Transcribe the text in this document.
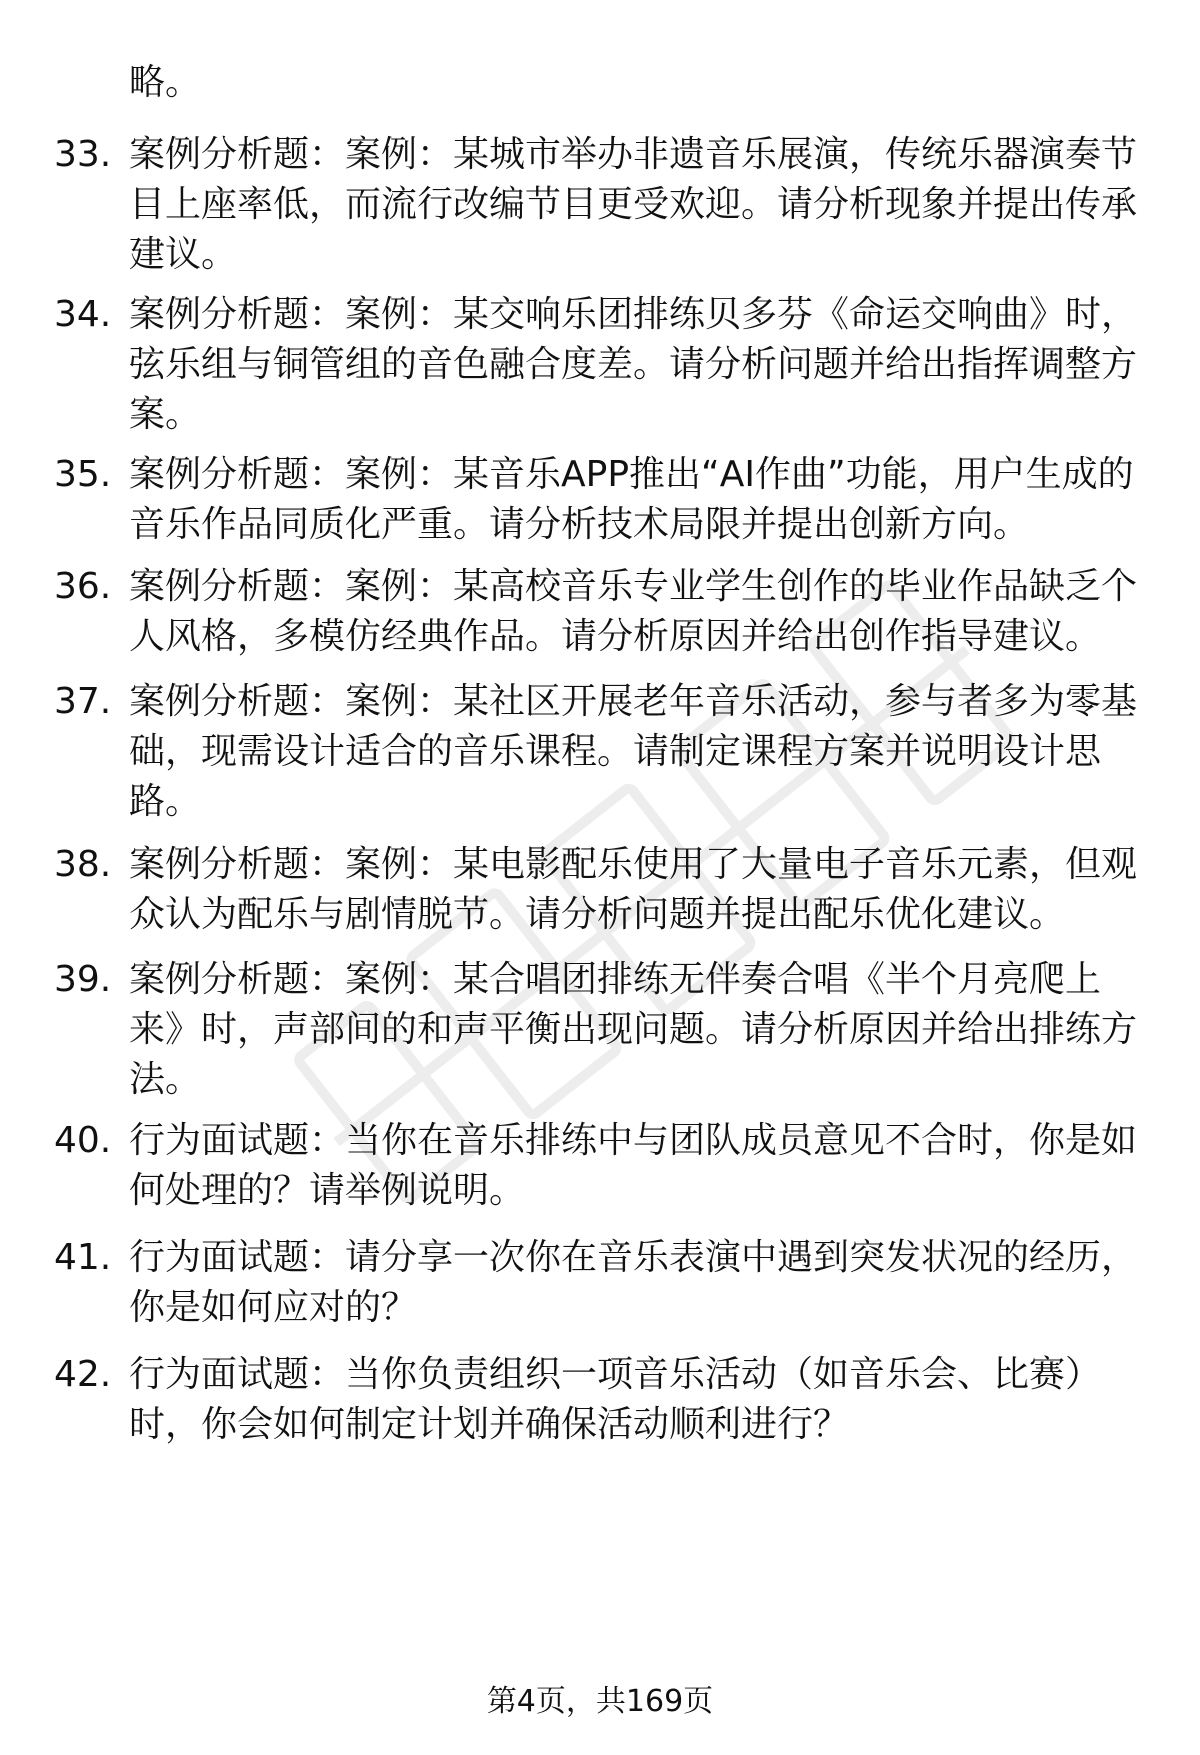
略。

33. 案例分析题：案例：某城市举办非遗音乐展演，传统乐器演奏节目上座率低，而流行改编节目更受欢迎。请分析现象并提出传承建议。

34. 案例分析题：案例：某交响乐团排练贝多芬《命运交响曲》时，弦乐组与铜管组的音色融合度差。请分析问题并给出指挥调整方案。

35. 案例分析题：案例：某音乐APP推出“AI作曲”功能，用户生成的音乐作品同质化严重。请分析技术局限并提出创新方向。

36. 案例分析题：案例：某高校音乐专业学生创作的毕业作品缺乏个人风格，多模仿经典作品。请分析原因并给出创作指导建议。

37. 案例分析题：案例：某社区开展老年音乐活动，参与者多为零基础，现需设计适合的音乐课程。请制定课程方案并说明设计思路。

38. 案例分析题：案例：某电影配乐使用了大量电子音乐元素，但观众认为配乐与剧情脱节。请分析问题并提出配乐优化建议。

39. 案例分析题：案例：某合唱团排练无伴奏合唱《半个月亮爬上来》时，声部间的和声平衡出现问题。请分析原因并给出排练方法。

40. 行为面试题：当你在音乐排练中与团队成员意见不合时，你是如何处理的？请举例说明。

41. 行为面试题：请分享一次你在音乐表演中遇到突发状况的经历，你是如何应对的？

42. 行为面试题：当你负责组织一项音乐活动（如音乐会、比赛）时，你会如何制定计划并确保活动顺利进行？

第4页，共169页
